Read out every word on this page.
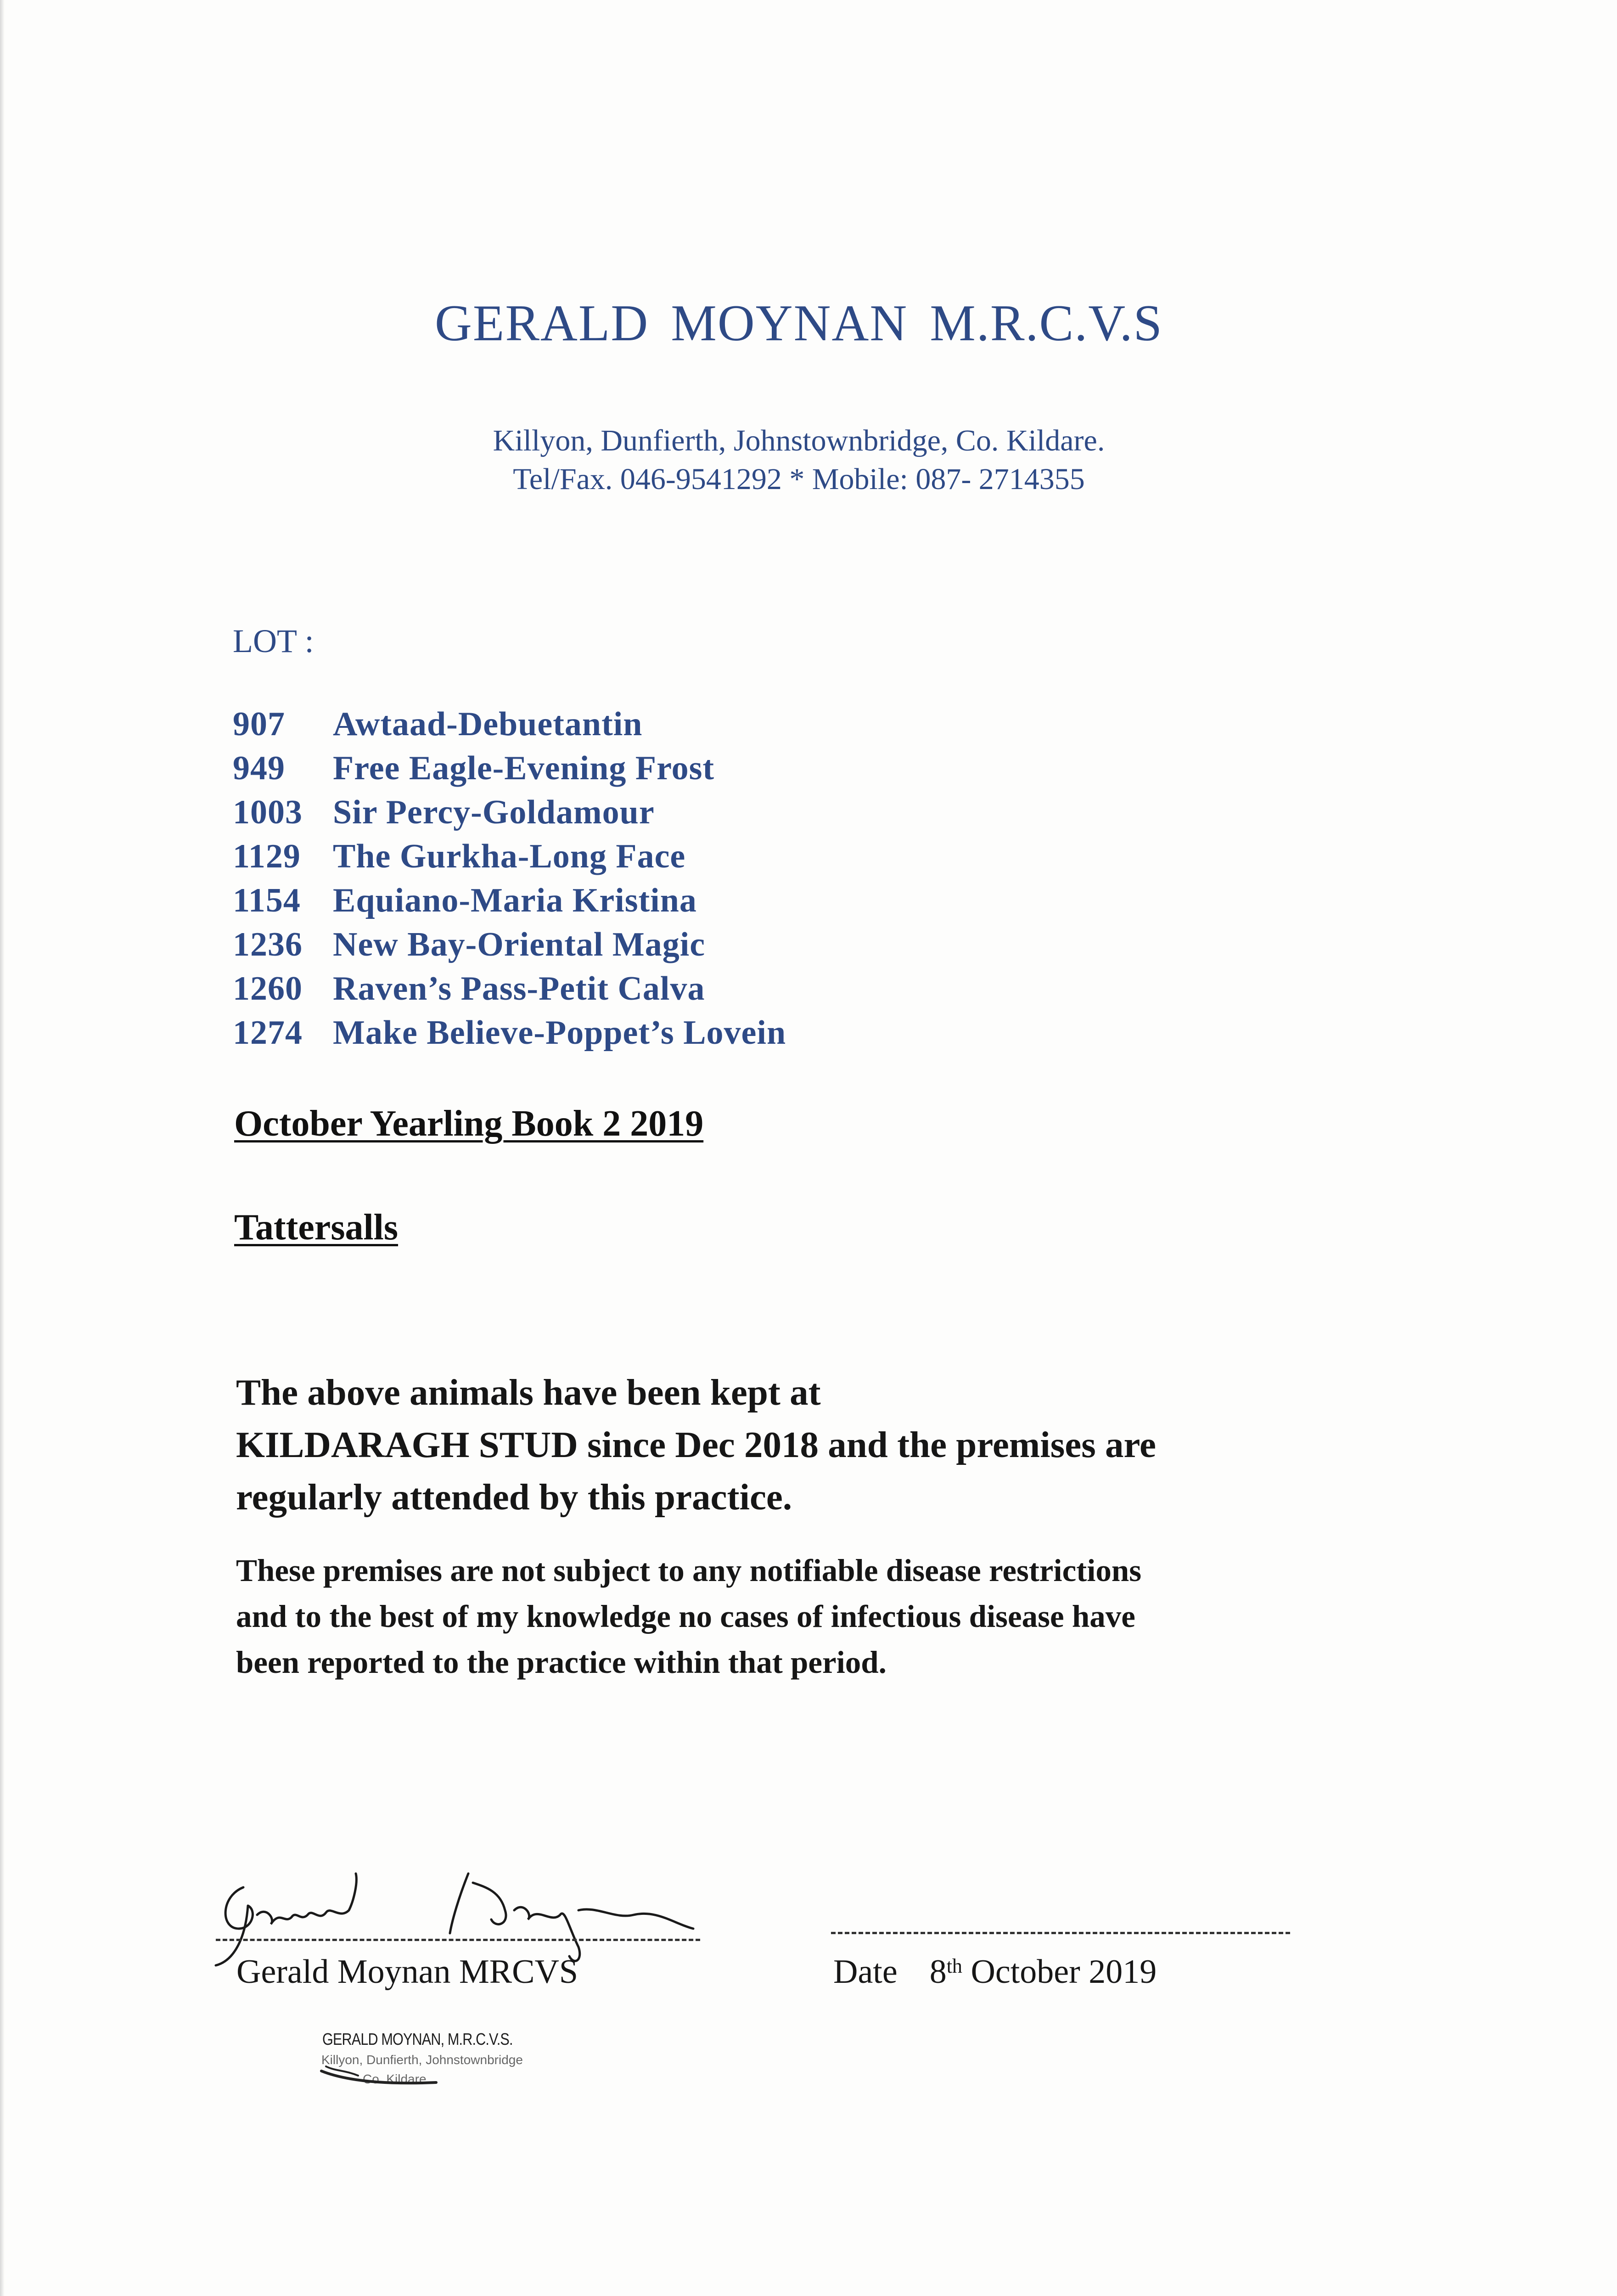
GERALD MOYNAN M.R.C.V.S
Killyon, Dunfierth, Johnstownbridge, Co. Kildare.
Tel/Fax. 046-9541292 * Mobile: 087- 2714355
LOT :
907 Awtaad-Debuetantin
949 Free Eagle-Evening Frost
1003 Sir Percy-Goldamour
1129 The Gurkha-Long Face
1154 Equiano-Maria Kristina
1236 New Bay-Oriental Magic
1260 Raven’s Pass-Petit Calva
1274 Make Believe-Poppet’s Lovein
October Yearling Book 2 2019
Tattersalls
The above animals have been kept at
KILDARAGH STUD since Dec 2018 and the premises are
regularly attended by this practice.
These premises are not subject to any notifiable disease restrictions
and to the best of my knowledge no cases of infectious disease have
been reported to the practice within that period.
Gerald Moynan MRCVS	Date 8th October 2019
GERALD MOYNAN, M.R.C.V.S.
Killyon, Dunfierth, Johnstownbridge
Co. Kildare
